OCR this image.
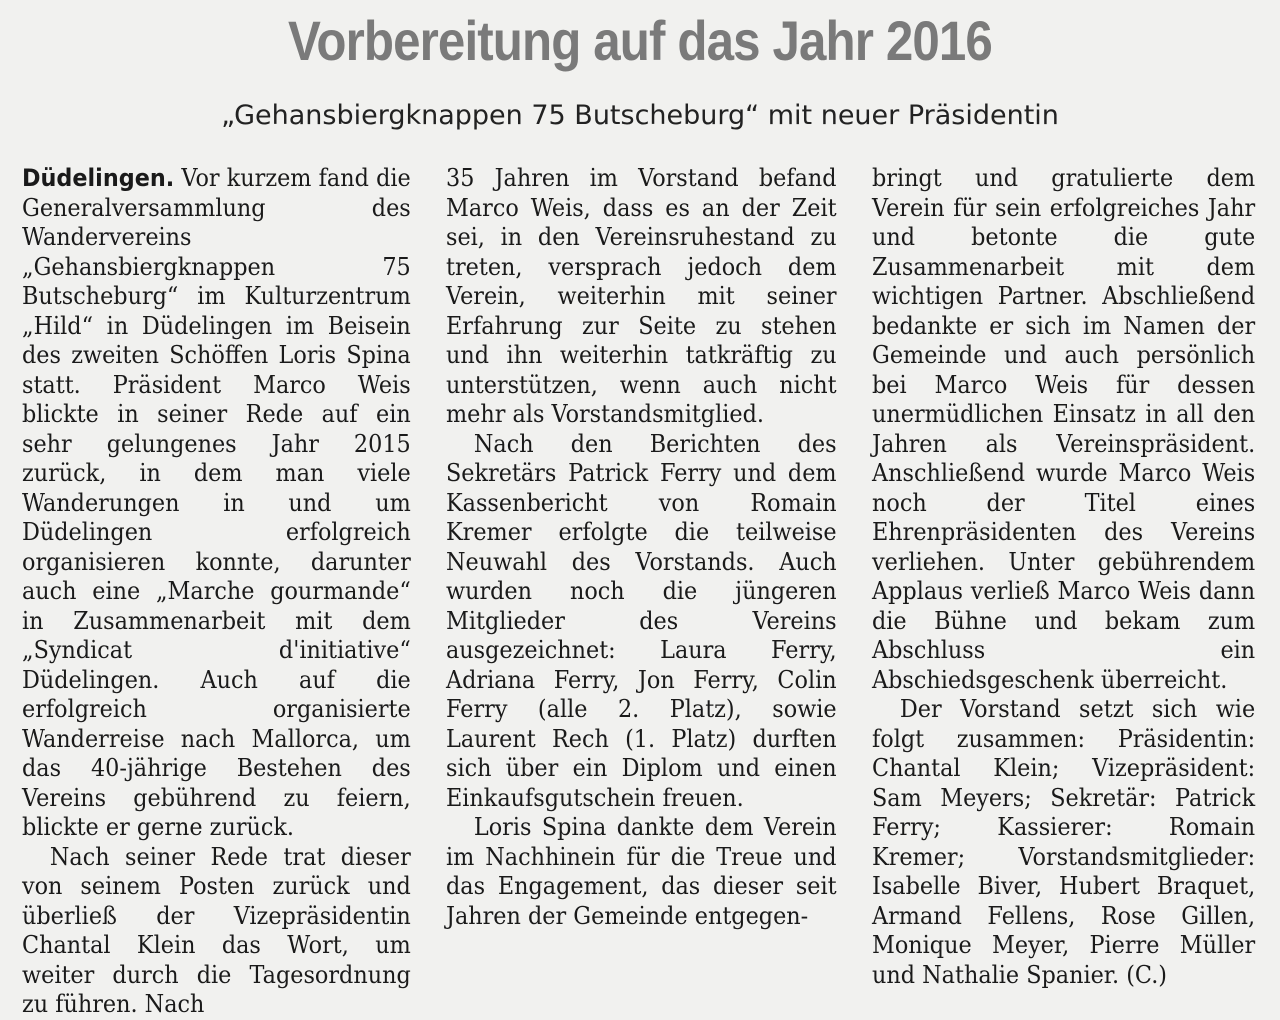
Vorbereitung auf das Jahr 2016
„Gehansbiergknappen 75 Butscheburg“ mit neuer Präsidentin

Düdelingen. Vor kurzem fand die Generalversammlung des Wandervereins „Gehansbiergknappen 75 Butscheburg“ im Kulturzentrum „Hild“ in Düdelingen im Beisein des zweiten Schöffen Loris Spina statt. Präsident Marco Weis blickte in seiner Rede auf ein sehr gelungenes Jahr 2015 zurück, in dem man viele Wanderungen in und um Düdelingen erfolgreich organisieren konnte, darunter auch eine „Marche gourmande“ in Zusammenarbeit mit dem „Syndicat d'initiative“ Düdelingen. Auch auf die erfolgreich organisierte Wanderreise nach Mallorca, um das 40-jährige Bestehen des Vereins gebührend zu feiern, blickte er gerne zurück.

Nach seiner Rede trat dieser von seinem Posten zurück und überließ der Vizepräsidentin Chantal Klein das Wort, um weiter durch die Tagesordnung zu führen. Nach

35 Jahren im Vorstand befand Marco Weis, dass es an der Zeit sei, in den Vereinsruhestand zu treten, versprach jedoch dem Verein, weiterhin mit seiner Erfahrung zur Seite zu stehen und ihn weiterhin tatkräftig zu unterstützen, wenn auch nicht mehr als Vorstandsmitglied.

Nach den Berichten des Sekretärs Patrick Ferry und dem Kassenbericht von Romain Kremer erfolgte die teilweise Neuwahl des Vorstands. Auch wurden noch die jüngeren Mitglieder des Vereins ausgezeichnet: Laura Ferry, Adriana Ferry, Jon Ferry, Colin Ferry (alle 2. Platz), sowie Laurent Rech (1. Platz) durften sich über ein Diplom und einen Einkaufsgutschein freuen.

Loris Spina dankte dem Verein im Nachhinein für die Treue und das Engagement, das dieser seit Jahren der Gemeinde entgegen-

bringt und gratulierte dem Verein für sein erfolgreiches Jahr und betonte die gute Zusammenarbeit mit dem wichtigen Partner. Abschließend bedankte er sich im Namen der Gemeinde und auch persönlich bei Marco Weis für dessen unermüdlichen Einsatz in all den Jahren als Vereinspräsident. Anschließend wurde Marco Weis noch der Titel eines Ehrenpräsidenten des Vereins verliehen. Unter gebührendem Applaus verließ Marco Weis dann die Bühne und bekam zum Abschluss ein Abschiedsgeschenk überreicht.

Der Vorstand setzt sich wie folgt zusammen: Präsidentin: Chantal Klein; Vizepräsident: Sam Meyers; Sekretär: Patrick Ferry; Kassierer: Romain Kremer; Vorstandsmitglieder: Isabelle Biver, Hubert Braquet, Armand Fellens, Rose Gillen, Monique Meyer, Pierre Müller und Nathalie Spanier. (C.)
